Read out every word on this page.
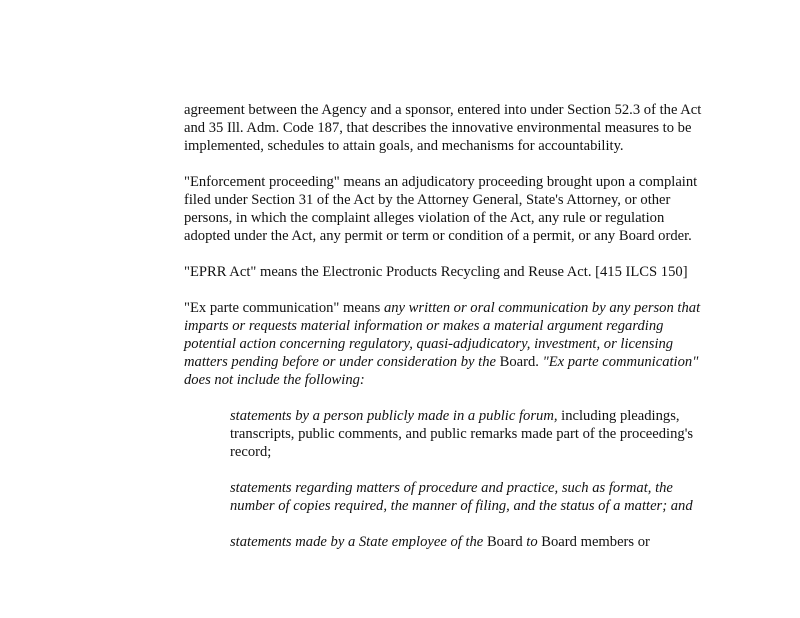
agreement between the Agency and a sponsor, entered into under Section 52.3 of the Act and 35 Ill. Adm. Code 187, that describes the innovative environmental measures to be implemented, schedules to attain goals, and mechanisms for accountability.

"Enforcement proceeding" means an adjudicatory proceeding brought upon a complaint filed under Section 31 of the Act by the Attorney General, State's Attorney, or other persons, in which the complaint alleges violation of the Act, any rule or regulation adopted under the Act, any permit or term or condition of a permit, or any Board order.

"EPRR Act" means the Electronic Products Recycling and Reuse Act. [415 ILCS 150]

"Ex parte communication" means any written or oral communication by any person that imparts or requests material information or makes a material argument regarding potential action concerning regulatory, quasi-adjudicatory, investment, or licensing matters pending before or under consideration by the Board. "Ex parte communication" does not include the following:

statements by a person publicly made in a public forum, including pleadings, transcripts, public comments, and public remarks made part of the proceeding's record;

statements regarding matters of procedure and practice, such as format, the number of copies required, the manner of filing, and the status of a matter; and

statements made by a State employee of the Board to Board members or
